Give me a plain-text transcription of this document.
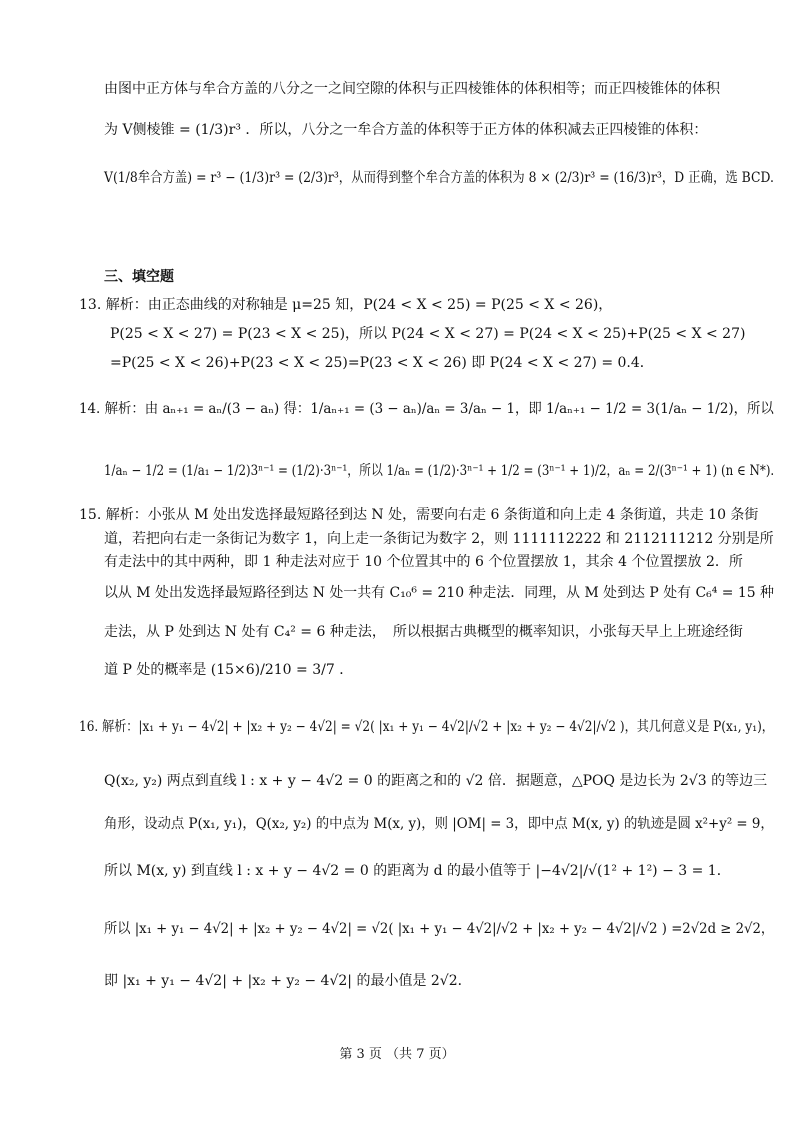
由图中正方体与牟合方盖的八分之一之间空隙的体积与正四棱锥体的体积相等；而正四棱锥体的体积
为 V侧棱锥 = (1/3)r³ ．所以，八分之一牟合方盖的体积等于正方体的体积减去正四棱锥的体积：
V(1/8牟合方盖) = r³ − (1/3)r³ = (2/3)r³，从而得到整个牟合方盖的体积为 8 × (2/3)r³ = (16/3)r³，D 正确，选 BCD.
三、填空题
13. 解析：由正态曲线的对称轴是 μ=25 知，P(24 < X < 25) = P(25 < X < 26)，
P(25 < X < 27) = P(23 < X < 25)，所以 P(24 < X < 27) = P(24 < X < 25)+P(25 < X < 27)
=P(25 < X < 26)+P(23 < X < 25)=P(23 < X < 26) 即 P(24 < X < 27) = 0.4．
14. 解析：由 aₙ₊₁ = aₙ/(3 − aₙ) 得：1/aₙ₊₁ = (3 − aₙ)/aₙ = 3/aₙ − 1，即 1/aₙ₊₁ − 1/2 = 3(1/aₙ − 1/2)，所以
1/aₙ − 1/2 = (1/a₁ − 1/2)3ⁿ⁻¹ = (1/2)·3ⁿ⁻¹，所以 1/aₙ = (1/2)·3ⁿ⁻¹ + 1/2 = (3ⁿ⁻¹ + 1)/2，aₙ = 2/(3ⁿ⁻¹ + 1) (n ∈ N*).
15. 解析：小张从 M 处出发选择最短路径到达 N 处，需要向右走 6 条街道和向上走 4 条街道，共走 10 条街
道，若把向右走一条街记为数字 1，向上走一条街记为数字 2，则 1111112222 和 2112111212 分别是所
有走法中的其中两种，即 1 种走法对应于 10 个位置其中的 6 个位置摆放 1，其余 4 个位置摆放 2．所
以从 M 处出发选择最短路径到达 N 处一共有 C₁₀⁶ = 210 种走法．同理，从 M 处到达 P 处有 C₆⁴ = 15 种
走法，从 P 处到达 N 处有 C₄² = 6 种走法，　所以根据古典概型的概率知识，小张每天早上上班途经街
道 P 处的概率是 (15×6)/210 = 3/7 ．
16. 解析：|x₁ + y₁ − 4√2| + |x₂ + y₂ − 4√2| = √2( |x₁ + y₁ − 4√2|/√2 + |x₂ + y₂ − 4√2|/√2 )，其几何意义是 P(x₁, y₁)，
Q(x₂, y₂) 两点到直线 l : x + y − 4√2 = 0 的距离之和的 √2 倍．据题意，△POQ 是边长为 2√3 的等边三
角形，设动点 P(x₁, y₁)，Q(x₂, y₂) 的中点为 M(x, y)，则 |OM| = 3，即中点 M(x, y) 的轨迹是圆 x²+y² = 9，
所以 M(x, y) 到直线 l : x + y − 4√2 = 0 的距离为 d 的最小值等于 |−4√2|/√(1² + 1²) − 3 = 1．
所以 |x₁ + y₁ − 4√2| + |x₂ + y₂ − 4√2| = √2( |x₁ + y₁ − 4√2|/√2 + |x₂ + y₂ − 4√2|/√2 ) =2√2d ≥ 2√2，
即 |x₁ + y₁ − 4√2| + |x₂ + y₂ − 4√2| 的最小值是 2√2．
第 3 页 （共 7 页）
